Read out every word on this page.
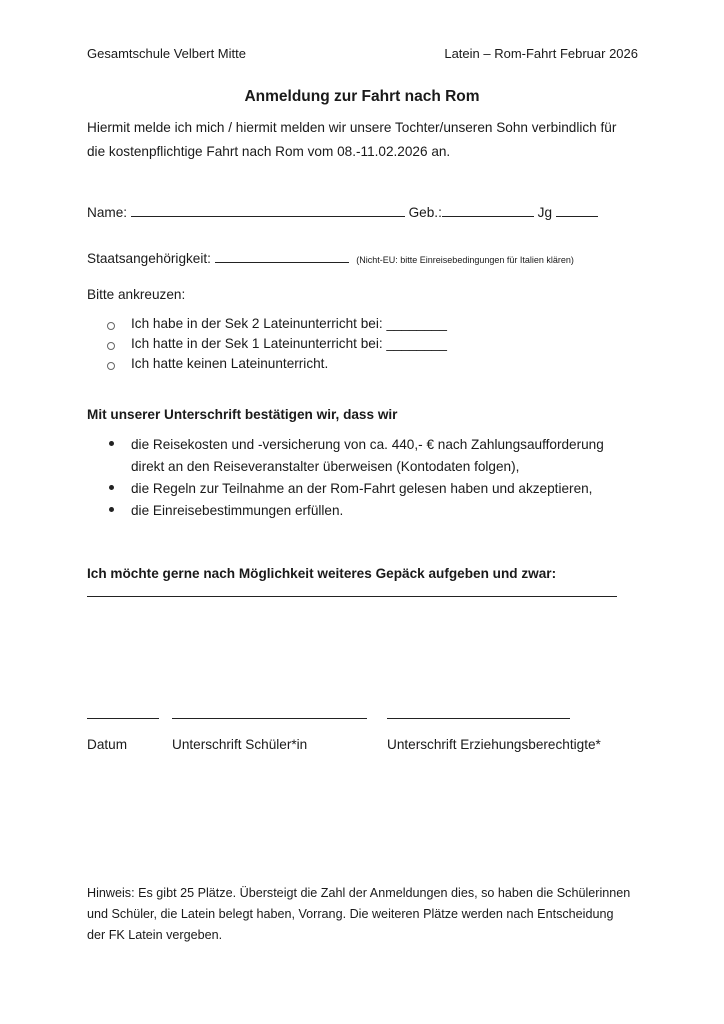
Gesamtschule Velbert Mitte	Latein – Rom-Fahrt Februar 2026
Anmeldung zur Fahrt nach Rom
Hiermit melde ich mich / hiermit melden wir unsere Tochter/unseren Sohn verbindlich für
die kostenpflichtige Fahrt nach Rom vom 08.-11.02.2026 an.
Name:	Geb.:	Jg
Staatsangehörigkeit:	(Nicht-EU: bitte Einreisebedingungen für Italien klären)
Bitte ankreuzen:
Ich habe in der Sek 2 Lateinunterricht bei: ________
Ich hatte in der Sek 1 Lateinunterricht bei: ________
Ich hatte keinen Lateinunterricht.
Mit unserer Unterschrift bestätigen wir, dass wir
die Reisekosten und -versicherung von ca. 440,- € nach Zahlungsaufforderung
direkt an den Reiseveranstalter überweisen (Kontodaten folgen),
die Regeln zur Teilnahme an der Rom-Fahrt gelesen haben und akzeptieren,
die Einreisebestimmungen erfüllen.
Ich möchte gerne nach Möglichkeit weiteres Gepäck aufgeben und zwar:
Datum	Unterschrift Schüler*in	Unterschrift Erziehungsberechtigte*
Hinweis: Es gibt 25 Plätze. Übersteigt die Zahl der Anmeldungen dies, so haben die Schülerinnen
und Schüler, die Latein belegt haben, Vorrang. Die weiteren Plätze werden nach Entscheidung
der FK Latein vergeben.
